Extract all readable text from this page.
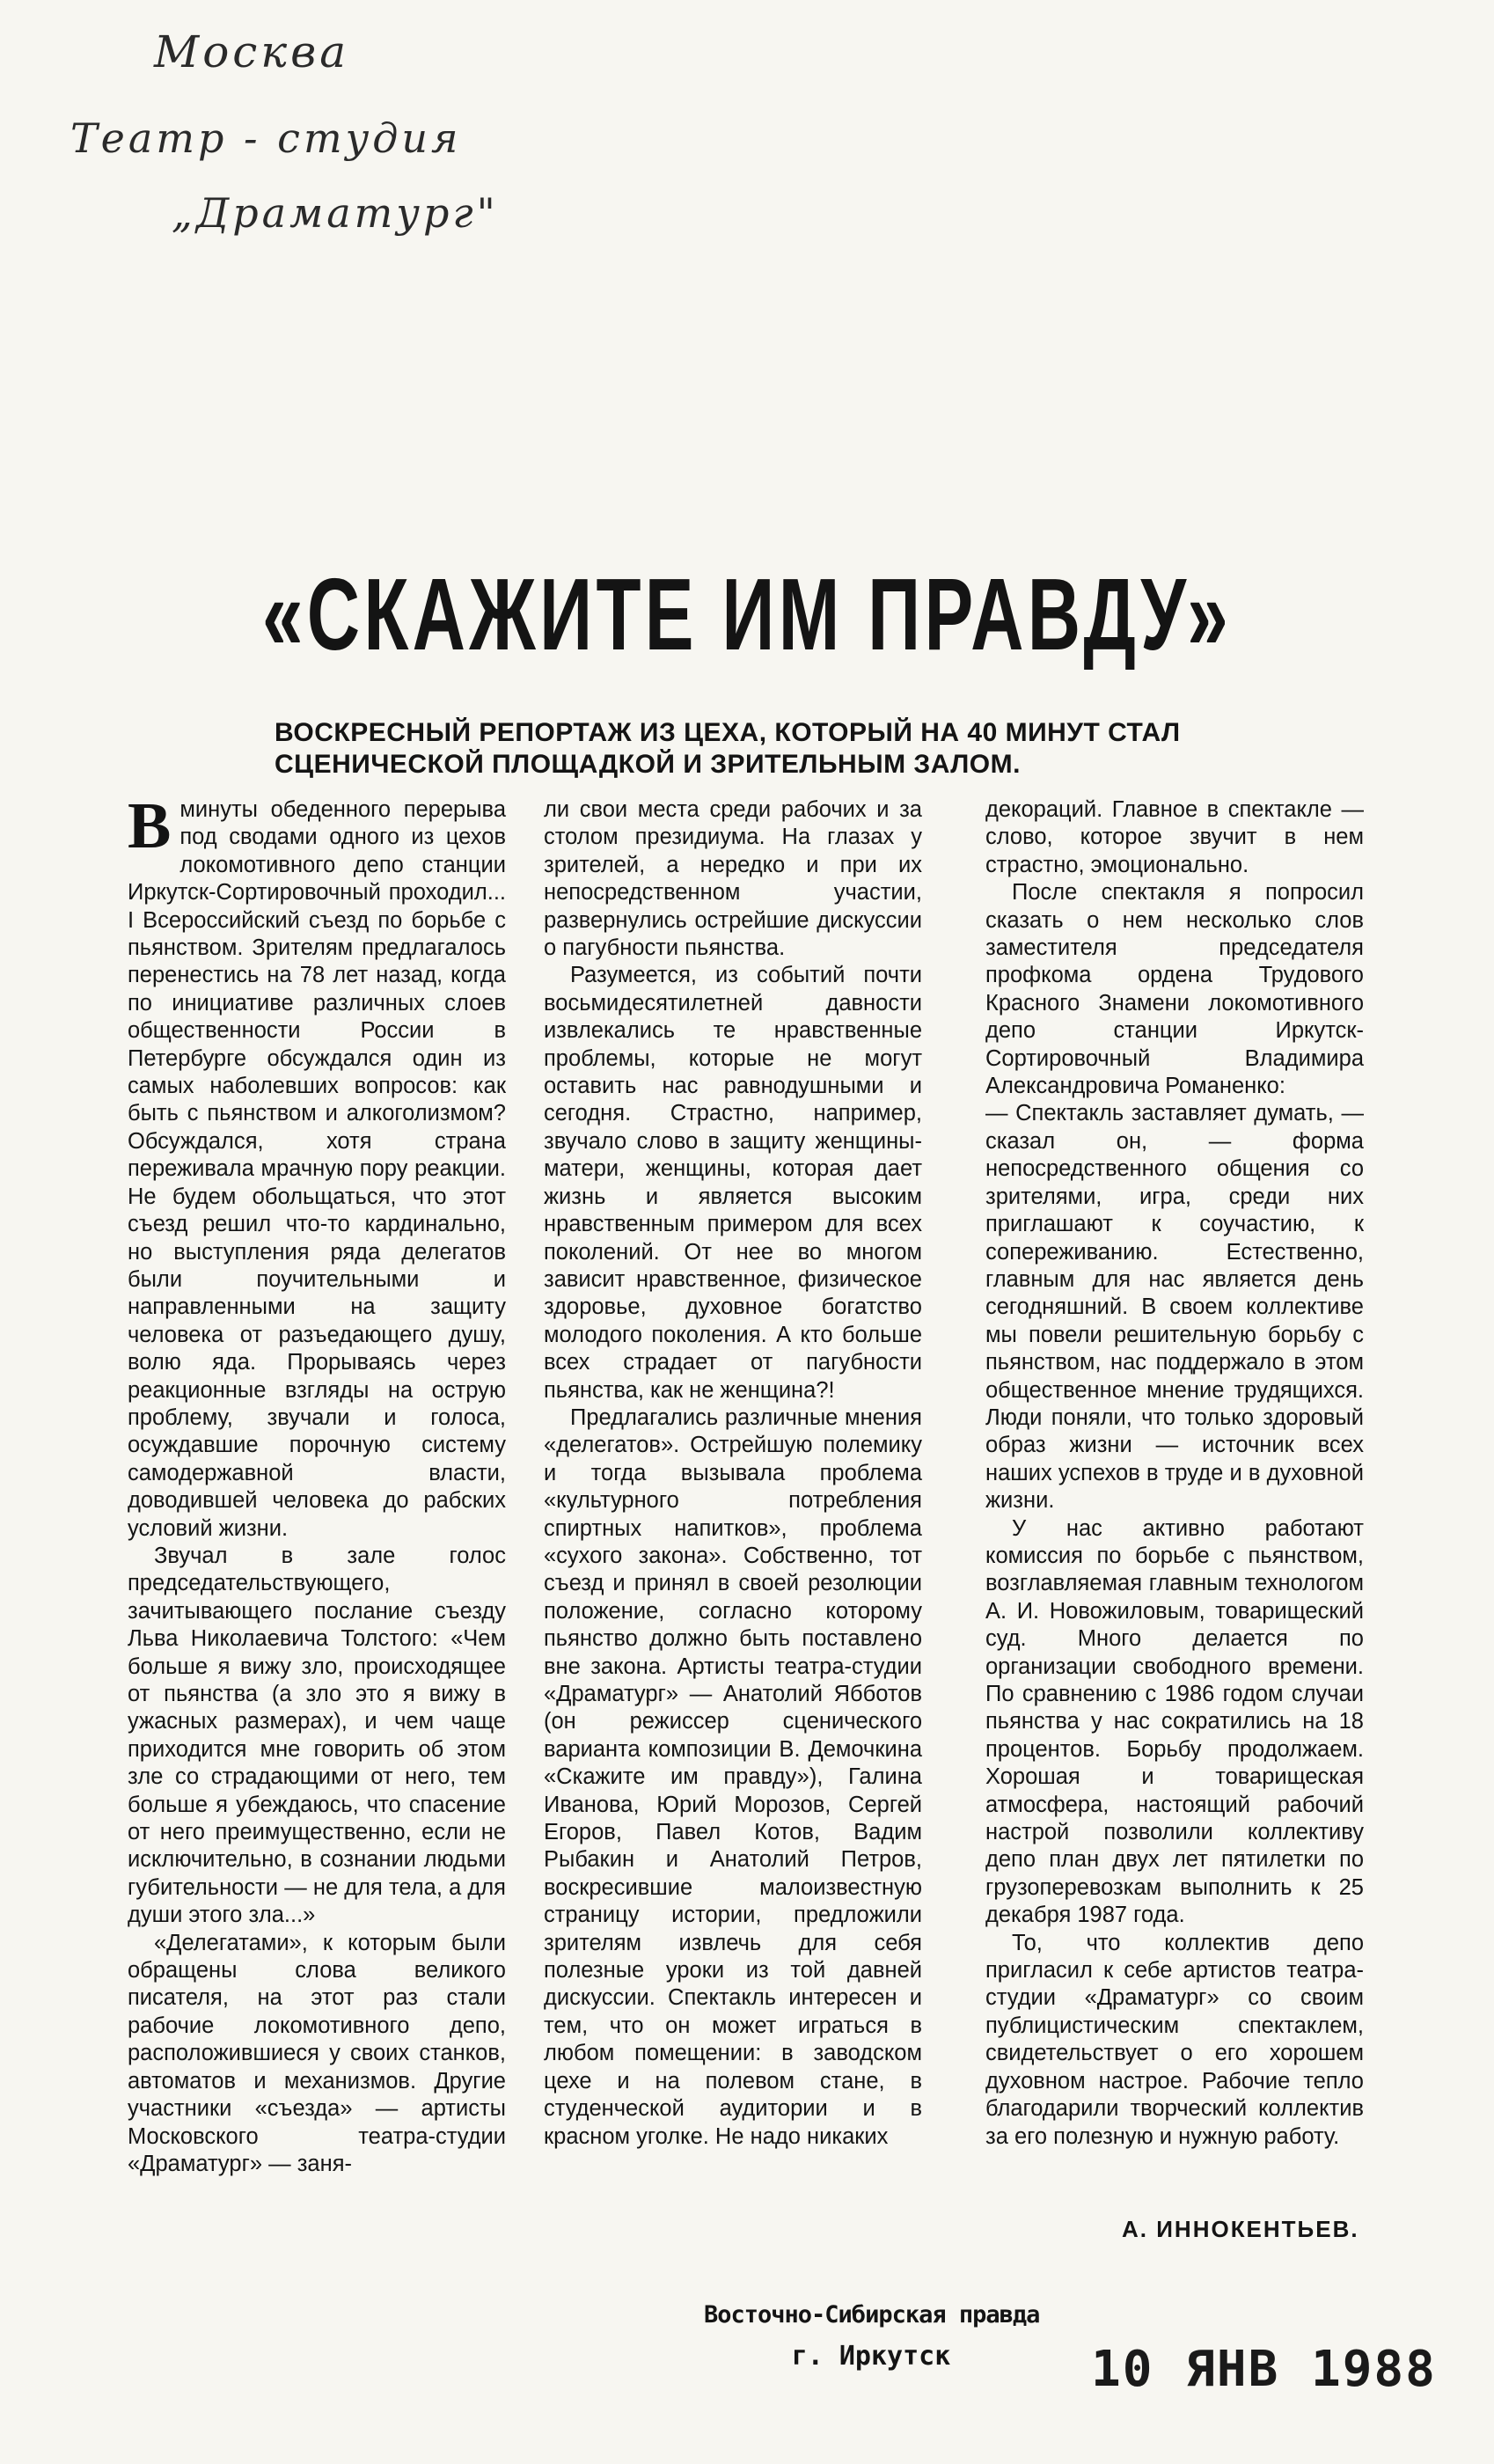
Москва
Театр - студия
„Драматург"
«СКАЖИТЕ ИМ ПРАВДУ»
ВОСКРЕСНЫЙ РЕПОРТАЖ ИЗ ЦЕХА, КОТОРЫЙ НА 40 МИНУТ СТАЛ СЦЕНИЧЕСКОЙ ПЛОЩАДКОЙ И ЗРИТЕЛЬНЫМ ЗАЛОМ.
В минуты обеденного перерыва под сводами одного из цехов локомотивного депо станции Иркутск-Сортировочный проходил... I Всероссийский съезд по борьбе с пьянством. Зрителям предлагалось перенестись на 78 лет назад, когда по инициативе различных слоев общественности России в Петербурге обсуждался один из самых наболевших вопросов: как быть с пьянством и алкоголизмом? Обсуждался, хотя страна переживала мрачную пору реакции. Не будем обольщаться, что этот съезд решил что-то кардинально, но выступления ряда делегатов были поучительными и направленными на защиту человека от разъедающего душу, волю яда. Прорываясь через реакционные взгляды на острую проблему, звучали и голоса, осуждавшие порочную систему самодержавной власти, доводившей человека до рабских условий жизни.

Звучал в зале голос председательствующего, зачитывающего послание съезду Льва Николаевича Толстого: «Чем больше я вижу зло, происходящее от пьянства (а зло это я вижу в ужасных размерах), и чем чаще приходится мне говорить об этом зле со страдающими от него, тем больше я убеждаюсь, что спасение от него преимущественно, если не исключительно, в сознании людьми губительности — не для тела, а для души этого зла...»

«Делегатами», к которым были обращены слова великого писателя, на этот раз стали рабочие локомотивного депо, расположившиеся у своих станков, автоматов и механизмов. Другие участники «съезда» — артисты Московского театра-студии «Драматург» — заня-

ли свои места среди рабочих и за столом президиума. На глазах у зрителей, а нередко и при их непосредственном участии, развернулись острейшие дискуссии о пагубности пьянства.

Разумеется, из событий почти восьмидесятилетней давности извлекались те нравственные проблемы, которые не могут оставить нас равнодушными и сегодня. Страстно, например, звучало слово в защиту женщины-матери, женщины, которая дает жизнь и является высоким нравственным примером для всех поколений. От нее во многом зависит нравственное, физическое здоровье, духовное богатство молодого поколения. А кто больше всех страдает от пагубности пьянства, как не женщина?!

Предлагались различные мнения «делегатов». Острейшую полемику и тогда вызывала проблема «культурного потребления спиртных напитков», проблема «сухого закона». Собственно, тот съезд и принял в своей резолюции положение, согласно которому пьянство должно быть поставлено вне закона. Артисты театра-студии «Драматург» — Анатолий Ябботов (он режиссер сценического варианта композиции В. Демочкина «Скажите им правду»), Галина Иванова, Юрий Морозов, Сергей Егоров, Павел Котов, Вадим Рыбакин и Анатолий Петров, воскресившие малоизвестную страницу истории, предложили зрителям извлечь для себя полезные уроки из той давней дискуссии. Спектакль интересен и тем, что он может играться в любом помещении: в заводском цехе и на полевом стане, в студенческой аудитории и в красном уголке. Не надо никаких

декораций. Главное в спектакле — слово, которое звучит в нем страстно, эмоционально.

После спектакля я попросил сказать о нем несколько слов заместителя председателя профкома ордена Трудового Красного Знамени локомотивного депо станции Иркутск-Сортировочный Владимира Александровича Романенко:

— Спектакль заставляет думать, — сказал он, — форма непосредственного общения со зрителями, игра, среди них приглашают к соучастию, к сопереживанию. Естественно, главным для нас является день сегодняшний. В своем коллективе мы повели решительную борьбу с пьянством, нас поддержало в этом общественное мнение трудящихся. Люди поняли, что только здоровый образ жизни — источник всех наших успехов в труде и в духовной жизни.

У нас активно работают комиссия по борьбе с пьянством, возглавляемая главным технологом А. И. Новожиловым, товарищеский суд. Много делается по организации свободного времени. По сравнению с 1986 годом случаи пьянства у нас сократились на 18 процентов. Борьбу продолжаем. Хорошая и товарищеская атмосфера, настоящий рабочий настрой позволили коллективу депо план двух лет пятилетки по грузоперевозкам выполнить к 25 декабря 1987 года.

То, что коллектив депо пригласил к себе артистов театра-студии «Драматург» со своим публицистическим спектаклем, свидетельствует о его хорошем духовном настрое. Рабочие тепло благодарили творческий коллектив за его полезную и нужную работу.

А. ИННОКЕНТЬЕВ.
Восточно-Сибирская правда
г. Иркутск	10 ЯНВ 1988
